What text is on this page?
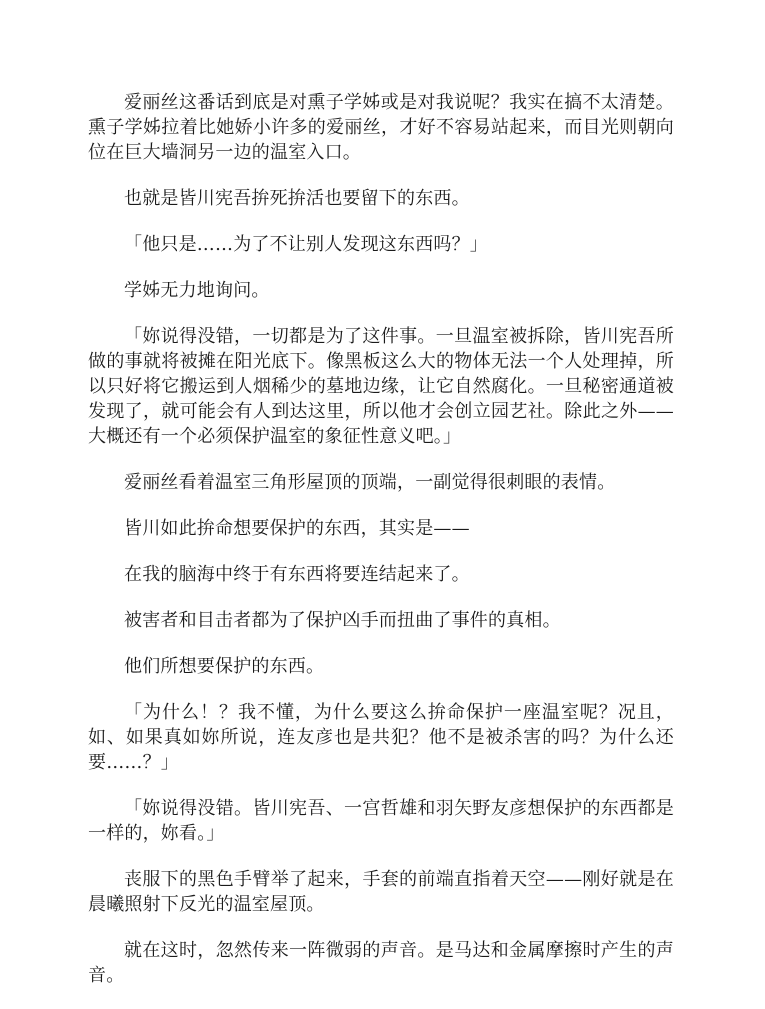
爱丽丝这番话到底是对熏子学姊或是对我说呢？我实在搞不太清楚。熏子学姊拉着比她娇小许多的爱丽丝，才好不容易站起来，而目光则朝向位在巨大墙洞另一边的温室入口。

也就是皆川宪吾拚死拚活也要留下的东西。

「他只是……为了不让别人发现这东西吗？」

学姊无力地询问。

「妳说得没错，一切都是为了这件事。一旦温室被拆除，皆川宪吾所做的事就将被摊在阳光底下。像黑板这么大的物体无法一个人处理掉，所以只好将它搬运到人烟稀少的墓地边缘，让它自然腐化。一旦秘密通道被发现了，就可能会有人到达这里，所以他才会创立园艺社。除此之外——大概还有一个必须保护温室的象征性意义吧。」

爱丽丝看着温室三角形屋顶的顶端，一副觉得很刺眼的表情。

皆川如此拚命想要保护的东西，其实是——

在我的脑海中终于有东西将要连结起来了。

被害者和目击者都为了保护凶手而扭曲了事件的真相。

他们所想要保护的东西。

「为什么！？我不懂，为什么要这么拚命保护一座温室呢？况且，如、如果真如妳所说，连友彦也是共犯？他不是被杀害的吗？为什么还要……？」

「妳说得没错。皆川宪吾、一宫哲雄和羽矢野友彦想保护的东西都是一样的，妳看。」

丧服下的黑色手臂举了起来，手套的前端直指着天空——刚好就是在晨曦照射下反光的温室屋顶。

就在这时，忽然传来一阵微弱的声音。是马达和金属摩擦时产生的声音。
